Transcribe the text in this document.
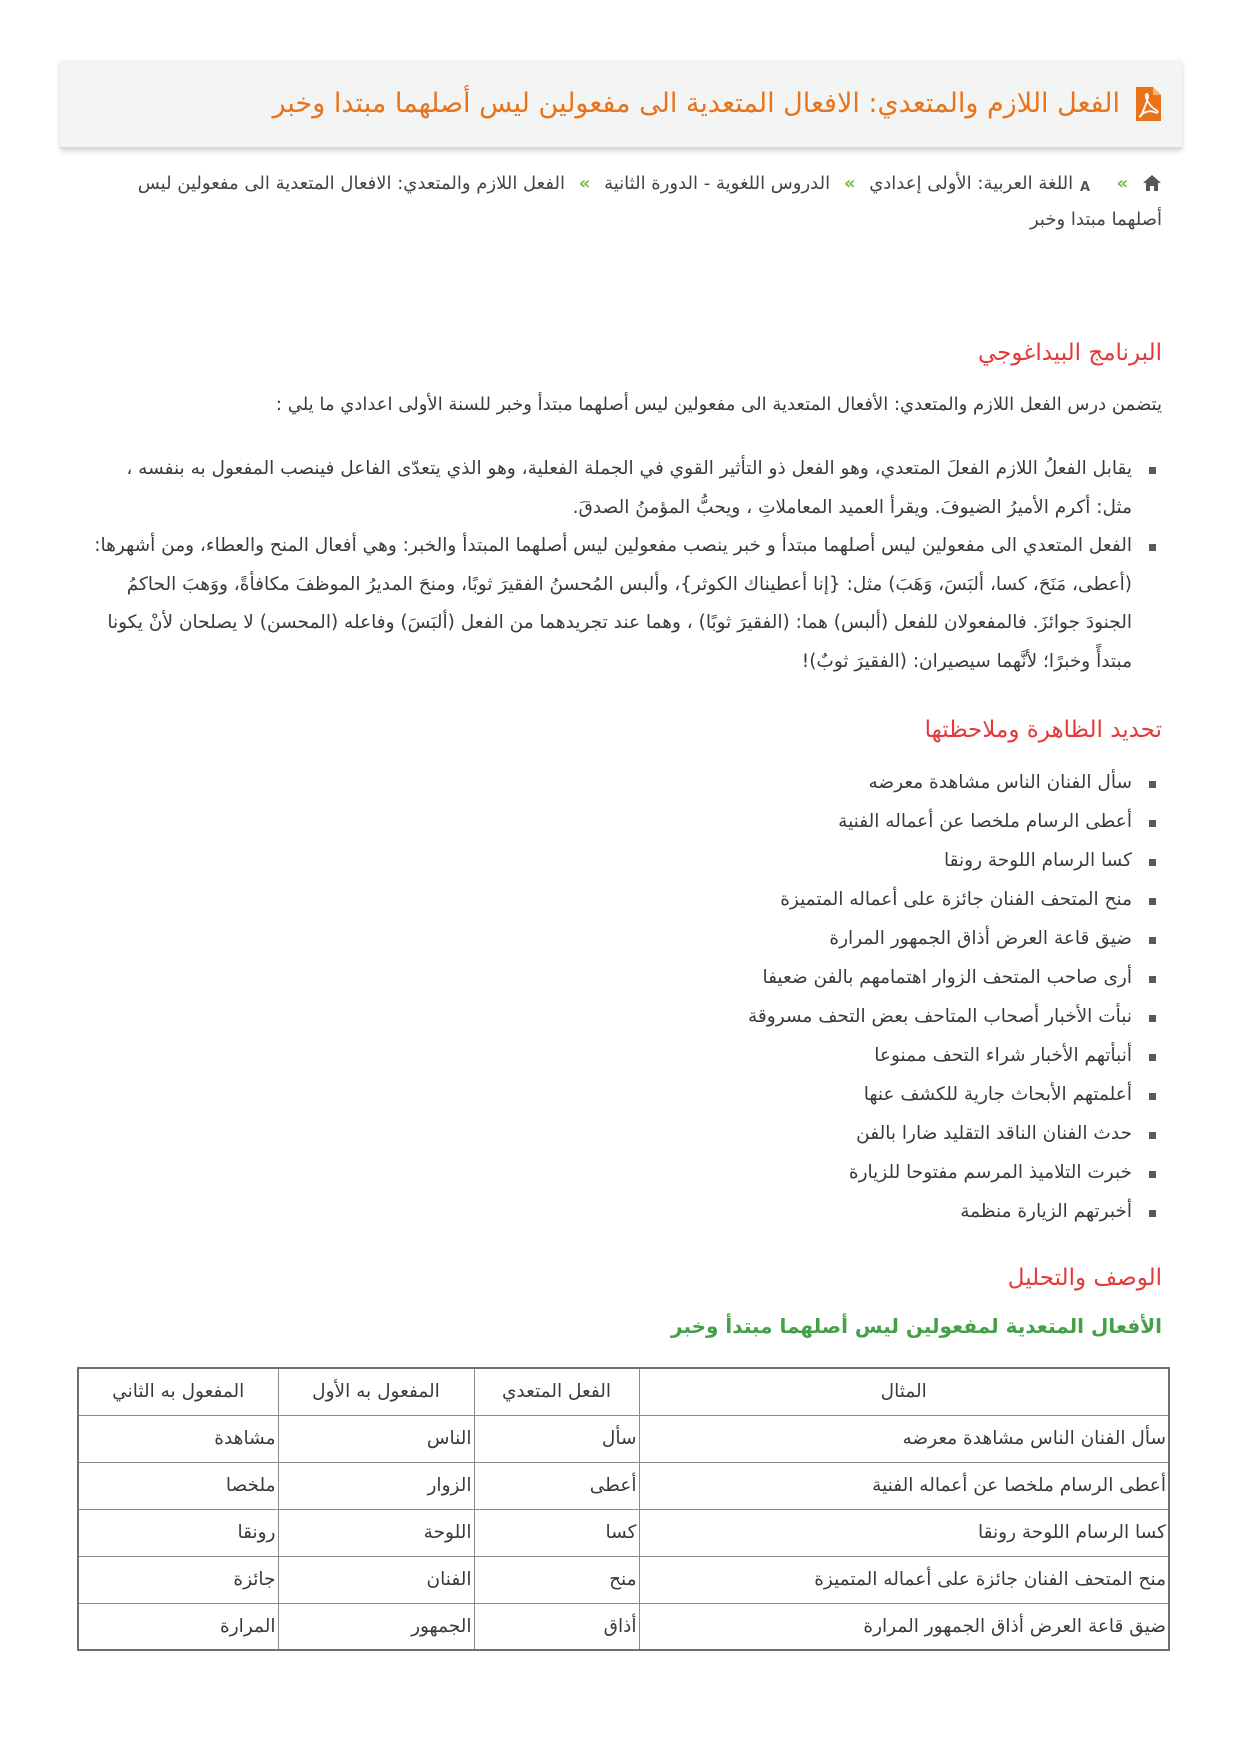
الفعل اللازم والمتعدي: الافعال المتعدية الى مفعولين ليس أصلهما مبتدا وخبر
»
A
اللغة العربية: الأولى إعدادي » الدروس اللغوية - الدورة الثانية » الفعل اللازم والمتعدي: الافعال المتعدية الى مفعولين ليس أصلهما مبتدا وخبر
البرنامج البيداغوجي

يتضمن درس الفعل اللازم والمتعدي: الأفعال المتعدية الى مفعولين ليس أصلهما مبتدأ وخبر للسنة الأولى اعدادي ما يلي :

يقابل الفعلُ اللازم الفعلَ المتعدي، وهو الفعل ذو التأثير القوي في الجملة الفعلية، وهو الذي يتعدّى الفاعل فينصب المفعول به بنفسه ، مثل: أكرم الأميرُ الضيوفَ. ويقرأ العميد المعاملاتِ ، ويحبُّ المؤمنُ الصدقَ.
الفعل المتعدي الى مفعولين ليس أصلهما مبتدأ و خبر ينصب مفعولين ليس أصلهما المبتدأ والخبر: وهي أفعال المنح والعطاء، ومن أشهرها: (أعطى، مَنَحَ، كسا، ألبَسَ، وَهَبَ) مثل: {إنا أعطيناك الكوثر}، وألبس المُحسنُ الفقيرَ ثوبًا، ومنحَ المديرُ الموظفَ مكافأةً، ووَهبَ الحاكمُ الجنودَ جوائزَ. فالمفعولان للفعل (ألبس) هما: (الفقيرَ ثوبًا) ، وهما عند تجريدهما من الفعل (ألبَسَ) وفاعله (المحسن) لا يصلحان لأنْ يكونا مبتدأً وخبرًا؛ لأنَّهما سيصيران: (الفقيرَ ثوبٌ)!
تحديد الظاهرة وملاحظتها
سأل الفنان الناس مشاهدة معرضه
أعطى الرسام ملخصا عن أعماله الفنية
كسا الرسام اللوحة رونقا
منح المتحف الفنان جائزة على أعماله المتميزة
ضيق قاعة العرض أذاق الجمهور المرارة
أرى صاحب المتحف الزوار اهتمامهم بالفن ضعيفا
نبأت الأخبار أصحاب المتاحف بعض التحف مسروقة
أنبأتهم الأخبار شراء التحف ممنوعا
أعلمتهم الأبحاث جارية للكشف عنها
حدث الفنان الناقد التقليد ضارا بالفن
خبرت التلاميذ المرسم مفتوحا للزيارة
أخبرتهم الزيارة منظمة
الوصف والتحليل
الأفعال المتعدية لمفعولين ليس أصلهما مبتدأ وخبر
المثال	الفعل المتعدي	المفعول به الأول	المفعول به الثاني
سأل الفنان الناس مشاهدة معرضه	سأل	الناس	مشاهدة
أعطى الرسام ملخصا عن أعماله الفنية	أعطى	الزوار	ملخصا
كسا الرسام اللوحة رونقا	كسا	اللوحة	رونقا
منح المتحف الفنان جائزة على أعماله المتميزة	منح	الفنان	جائزة
ضيق قاعة العرض أذاق الجمهور المرارة	أذاق	الجمهور	المرارة
